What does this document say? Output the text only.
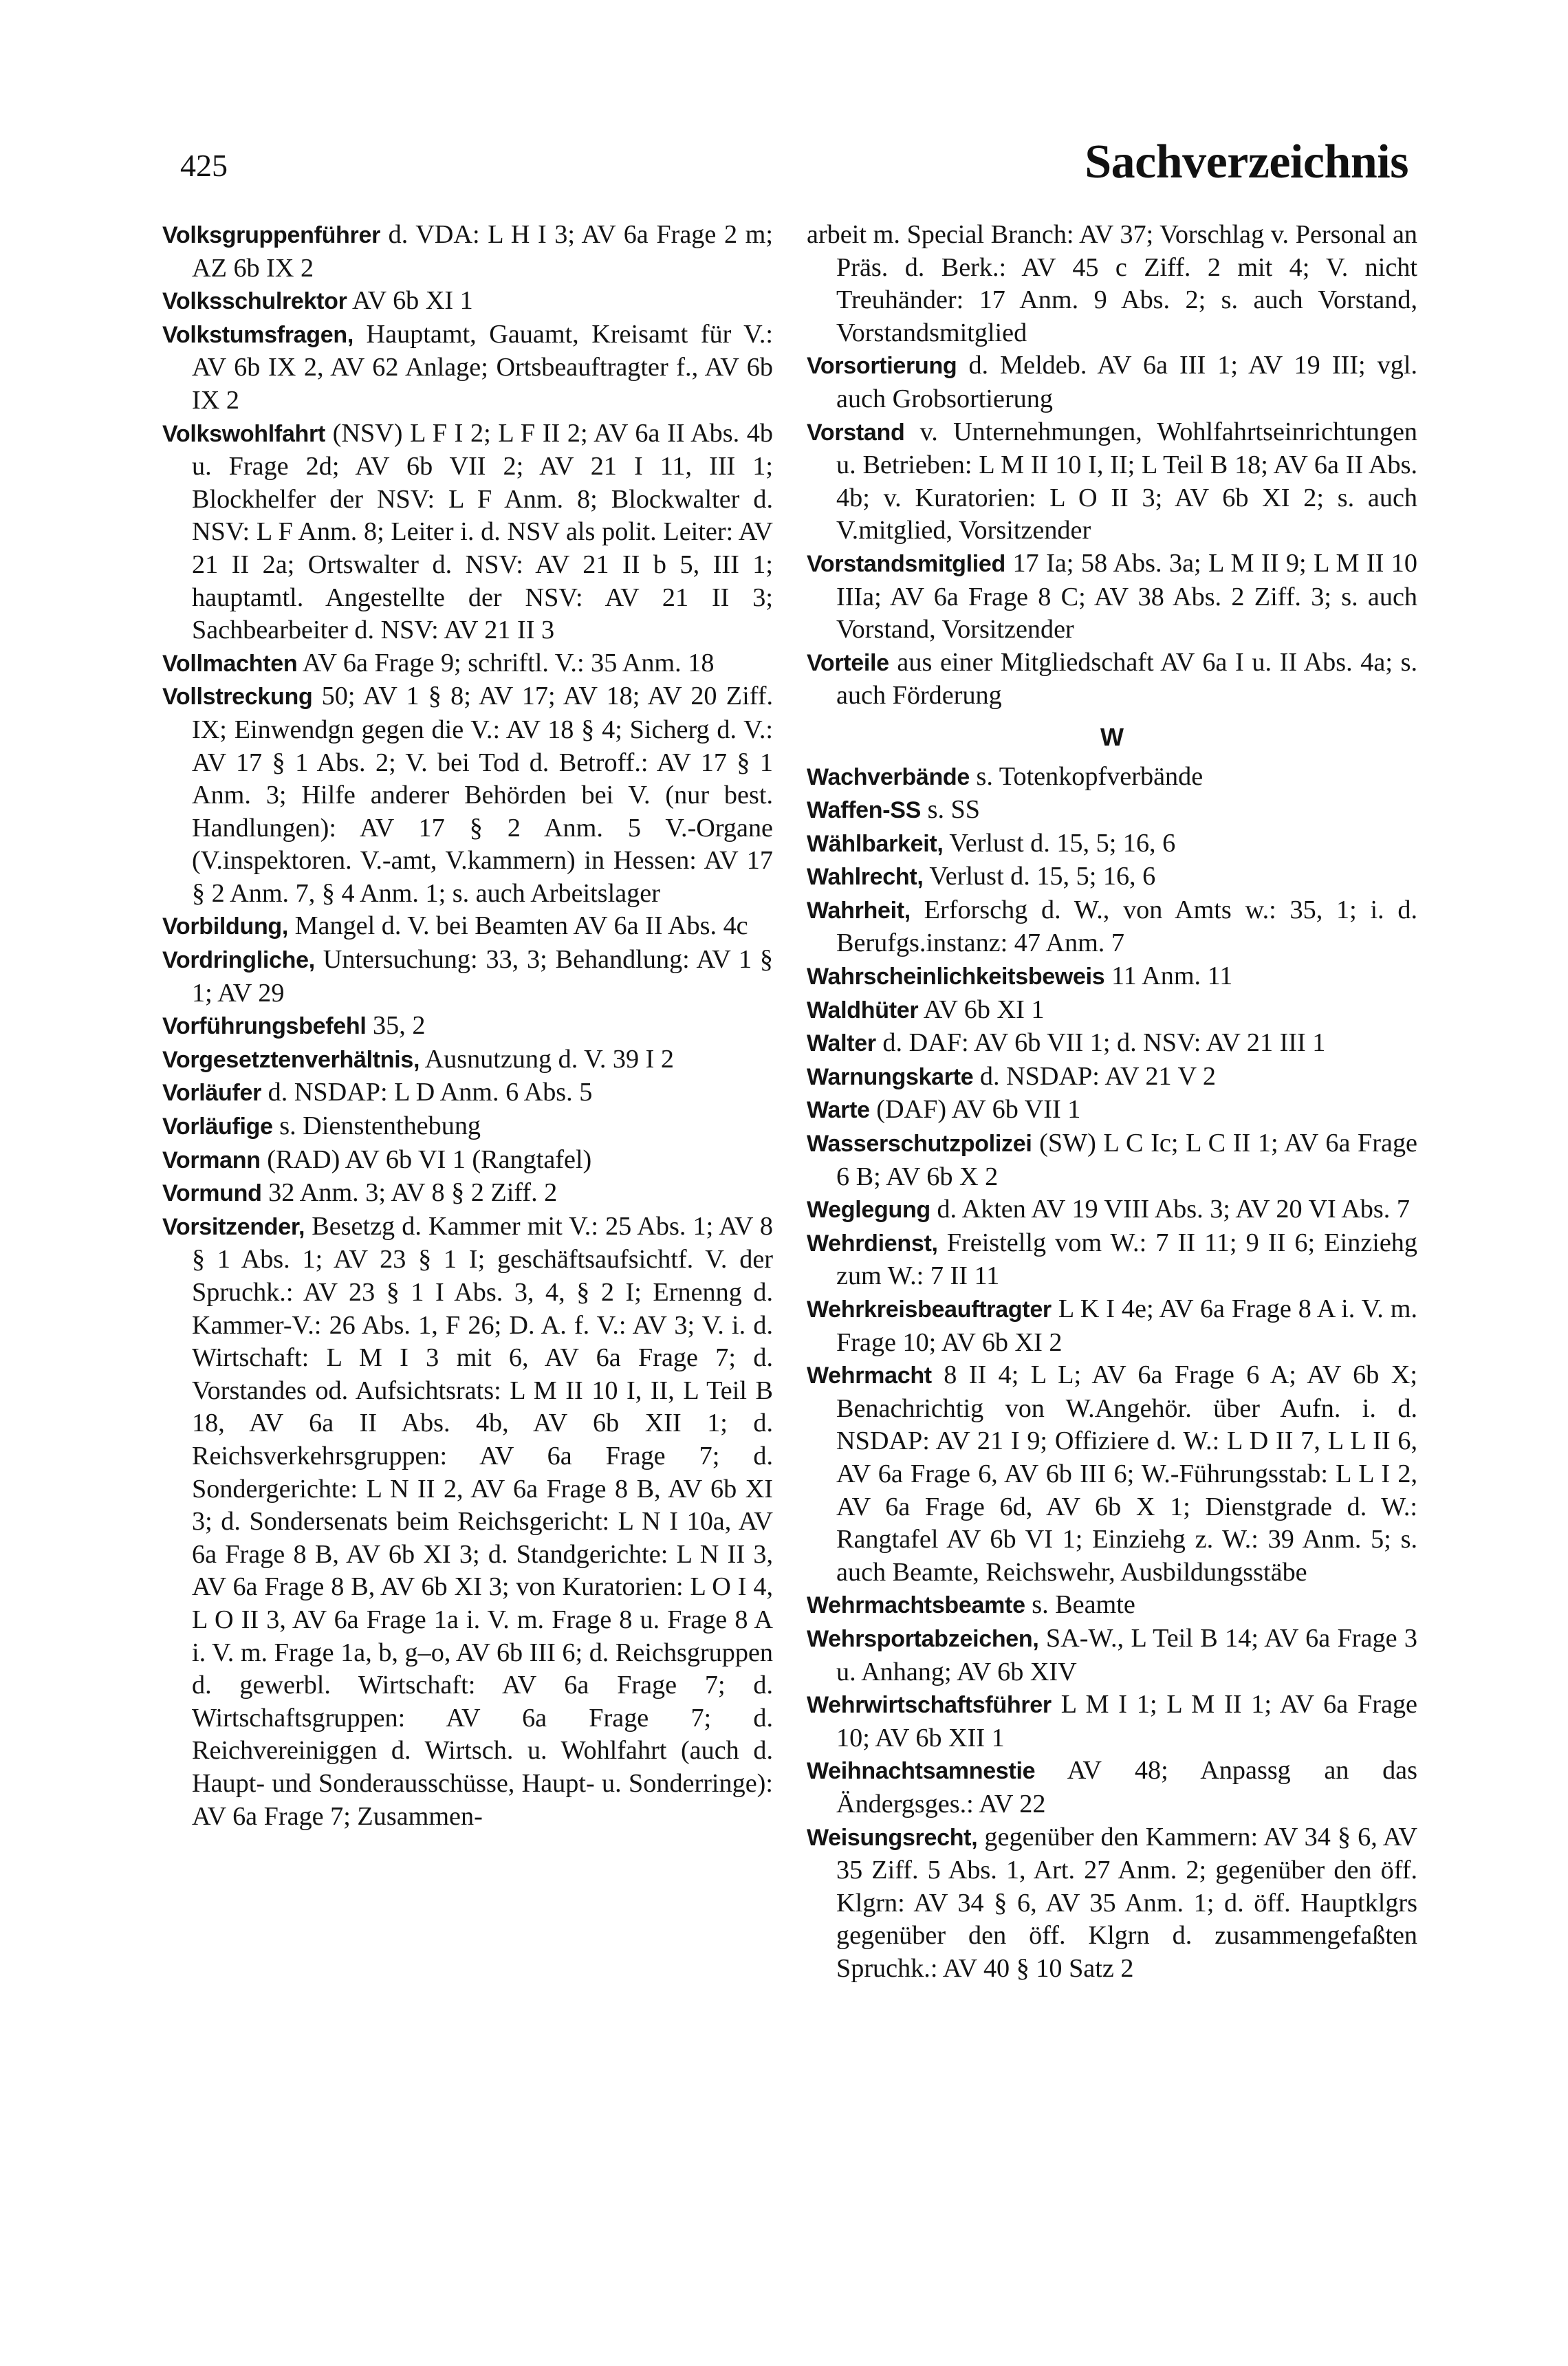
425	Sachverzeichnis
Volksgruppenführer d. VDA: L H I 3; AV 6a Frage 2 m; AZ 6b IX 2
Volksschulrektor AV 6b XI 1
Volkstumsfragen, Hauptamt, Gauamt, Kreisamt für V.: AV 6b IX 2, AV 62 Anlage; Ortsbeauftragter f., AV 6b IX 2
Volkswohlfahrt (NSV) L F I 2; L F II 2; AV 6a II Abs. 4b u. Frage 2d; AV 6b VII 2; AV 21 I 11, III 1; Blockhelfer der NSV: L F Anm. 8; Blockwalter d. NSV: L F Anm. 8; Leiter i. d. NSV als polit. Leiter: AV 21 II 2a; Ortswalter d. NSV: AV 21 II b 5, III 1; hauptamtl. Angestellte der NSV: AV 21 II 3; Sachbearbeiter d. NSV: AV 21 II 3
Vollmachten AV 6a Frage 9; schriftl. V.: 35 Anm. 18
Vollstreckung 50; AV 1 § 8; AV 17; AV 18; AV 20 Ziff. IX; Einwendgn gegen die V.: AV 18 § 4; Sicherg d. V.: AV 17 § 1 Abs. 2; V. bei Tod d. Betroff.: AV 17 § 1 Anm. 3; Hilfe anderer Behörden bei V. (nur best. Handlungen): AV 17 § 2 Anm. 5 V.-Organe (V.inspektoren. V.-amt, V.kammern) in Hessen: AV 17 § 2 Anm. 7, § 4 Anm. 1; s. auch Arbeitslager
Vorbildung, Mangel d. V. bei Beamten AV 6a II Abs. 4c
Vordringliche, Untersuchung: 33, 3; Behandlung: AV 1 § 1; AV 29
Vorführungsbefehl 35, 2
Vorgesetztenverhältnis, Ausnutzung d. V. 39 I 2
Vorläufer d. NSDAP: L D Anm. 6 Abs. 5
Vorläufige s. Dienstenthebung
Vormann (RAD) AV 6b VI 1 (Rangtafel)
Vormund 32 Anm. 3; AV 8 § 2 Ziff. 2
Vorsitzender, Besetzg d. Kammer mit V.: 25 Abs. 1; AV 8 § 1 Abs. 1; AV 23 § 1 I; geschäftsaufsichtf. V. der Spruchk.: AV 23 § 1 I Abs. 3, 4, § 2 I; Ernenng d. Kammer-V.: 26 Abs. 1, F 26; D. A. f. V.: AV 3; V. i. d. Wirtschaft: L M I 3 mit 6, AV 6a Frage 7; d. Vorstandes od. Aufsichtsrats: L M II 10 I, II, L Teil B 18, AV 6a II Abs. 4b, AV 6b XII 1; d. Reichsverkehrsgruppen: AV 6a Frage 7; d. Sondergerichte: L N II 2, AV 6a Frage 8 B, AV 6b XI 3; d. Sondersenats beim Reichsgericht: L N I 10a, AV 6a Frage 8 B, AV 6b XI 3; d. Standgerichte: L N II 3, AV 6a Frage 8 B, AV 6b XI 3; von Kuratorien: L O I 4, L O II 3, AV 6a Frage 1a i. V. m. Frage 8 u. Frage 8 A i. V. m. Frage 1a, b, g–o, AV 6b III 6; d. Reichsgruppen d. gewerbl. Wirtschaft: AV 6a Frage 7; d. Wirtschaftsgruppen: AV 6a Frage 7; d. Reichvereiniggen d. Wirtsch. u. Wohlfahrt (auch d. Haupt- und Sonderausschüsse, Haupt- u. Sonderringe): AV 6a Frage 7; Zusammen-
arbeit m. Special Branch: AV 37; Vorschlag v. Personal an Präs. d. Berk.: AV 45 c Ziff. 2 mit 4; V. nicht Treuhänder: 17 Anm. 9 Abs. 2; s. auch Vorstand, Vorstandsmitglied
Vorsortierung d. Meldeb. AV 6a III 1; AV 19 III; vgl. auch Grobsortierung
Vorstand v. Unternehmungen, Wohlfahrtseinrichtungen u. Betrieben: L M II 10 I, II; L Teil B 18; AV 6a II Abs. 4b; v. Kuratorien: L O II 3; AV 6b XI 2; s. auch V.mitglied, Vorsitzender
Vorstandsmitglied 17 Ia; 58 Abs. 3a; L M II 9; L M II 10 IIIa; AV 6a Frage 8 C; AV 38 Abs. 2 Ziff. 3; s. auch Vorstand, Vorsitzender
Vorteile aus einer Mitgliedschaft AV 6a I u. II Abs. 4a; s. auch Förderung
W
Wachverbände s. Totenkopfverbände
Waffen-SS s. SS
Wählbarkeit, Verlust d. 15, 5; 16, 6
Wahlrecht, Verlust d. 15, 5; 16, 6
Wahrheit, Erforschg d. W., von Amts w.: 35, 1; i. d. Berufgs.instanz: 47 Anm. 7
Wahrscheinlichkeitsbeweis 11 Anm. 11
Waldhüter AV 6b XI 1
Walter d. DAF: AV 6b VII 1; d. NSV: AV 21 III 1
Warnungskarte d. NSDAP: AV 21 V 2
Warte (DAF) AV 6b VII 1
Wasserschutzpolizei (SW) L C Ic; L C II 1; AV 6a Frage 6 B; AV 6b X 2
Weglegung d. Akten AV 19 VIII Abs. 3; AV 20 VI Abs. 7
Wehrdienst, Freistellg vom W.: 7 II 11; 9 II 6; Einziehg zum W.: 7 II 11
Wehrkreisbeauftragter L K I 4e; AV 6a Frage 8 A i. V. m. Frage 10; AV 6b XI 2
Wehrmacht 8 II 4; L L; AV 6a Frage 6 A; AV 6b X; Benachrichtig von W.Angehör. über Aufn. i. d. NSDAP: AV 21 I 9; Offiziere d. W.: L D II 7, L L II 6, AV 6a Frage 6, AV 6b III 6; W.-Führungsstab: L L I 2, AV 6a Frage 6d, AV 6b X 1; Dienstgrade d. W.: Rangtafel AV 6b VI 1; Einziehg z. W.: 39 Anm. 5; s. auch Beamte, Reichswehr, Ausbildungsstäbe
Wehrmachtsbeamte s. Beamte
Wehrsportabzeichen, SA-W., L Teil B 14; AV 6a Frage 3 u. Anhang; AV 6b XIV
Wehrwirtschaftsführer L M I 1; L M II 1; AV 6a Frage 10; AV 6b XII 1
Weihnachtsamnestie AV 48; Anpassg an das Ändergsges.: AV 22
Weisungsrecht, gegenüber den Kammern: AV 34 § 6, AV 35 Ziff. 5 Abs. 1, Art. 27 Anm. 2; gegenüber den öff. Klgrn: AV 34 § 6, AV 35 Anm. 1; d. öff. Hauptklgrs gegenüber den öff. Klgrn d. zusammengefaßten Spruchk.: AV 40 § 10 Satz 2
